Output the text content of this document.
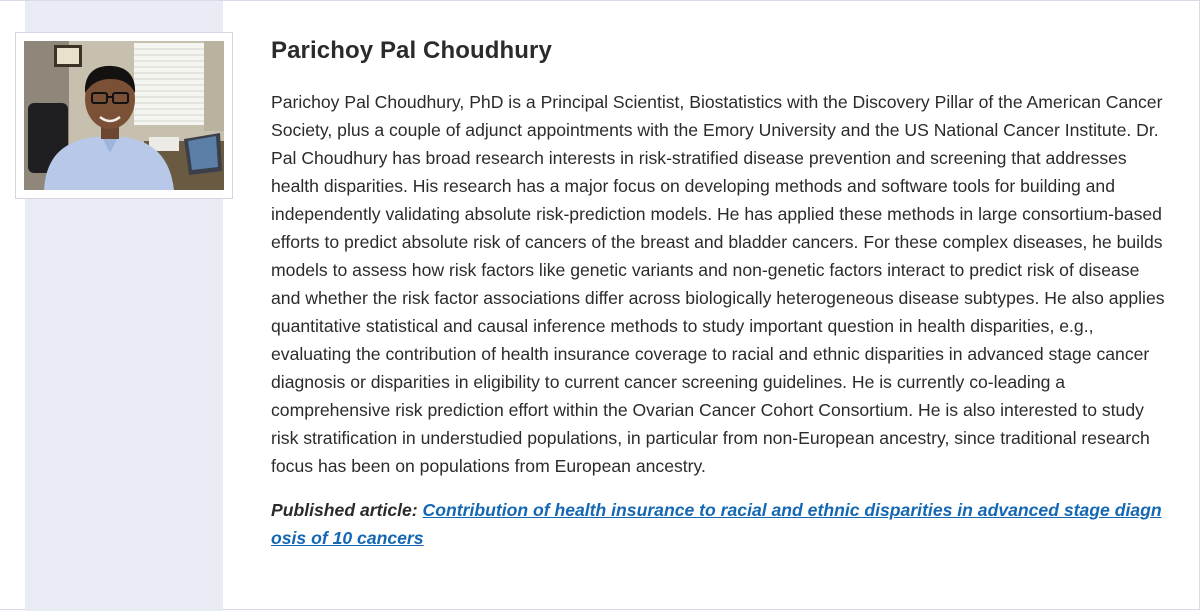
Parichoy Pal Choudhury

Parichoy Pal Choudhury, PhD is a Principal Scientist, Biostatistics with the Discovery Pillar of the American Cancer Society, plus a couple of adjunct appointments with the Emory University and the US National Cancer Institute. Dr. Pal Choudhury has broad research interests in risk-stratified disease prevention and screening that addresses health disparities. His research has a major focus on developing methods and software tools for building and independently validating absolute risk-prediction models. He has applied these methods in large consortium-based efforts to predict absolute risk of cancers of the breast and bladder cancers. For these complex diseases, he builds models to assess how risk factors like genetic variants and non-genetic factors interact to predict risk of disease and whether the risk factor associations differ across biologically heterogeneous disease subtypes. He also applies quantitative statistical and causal inference methods to study important question in health disparities, e.g., evaluating the contribution of health insurance coverage to racial and ethnic disparities in advanced stage cancer diagnosis or disparities in eligibility to current cancer screening guidelines. He is currently co-leading a comprehensive risk prediction effort within the Ovarian Cancer Cohort Consortium. He is also interested to study risk stratification in understudied populations, in particular from non-European ancestry, since traditional research focus has been on populations from European ancestry.

Published article: Contribution of health insurance to racial and ethnic disparities in advanced stage diagnosis of 10 cancers
